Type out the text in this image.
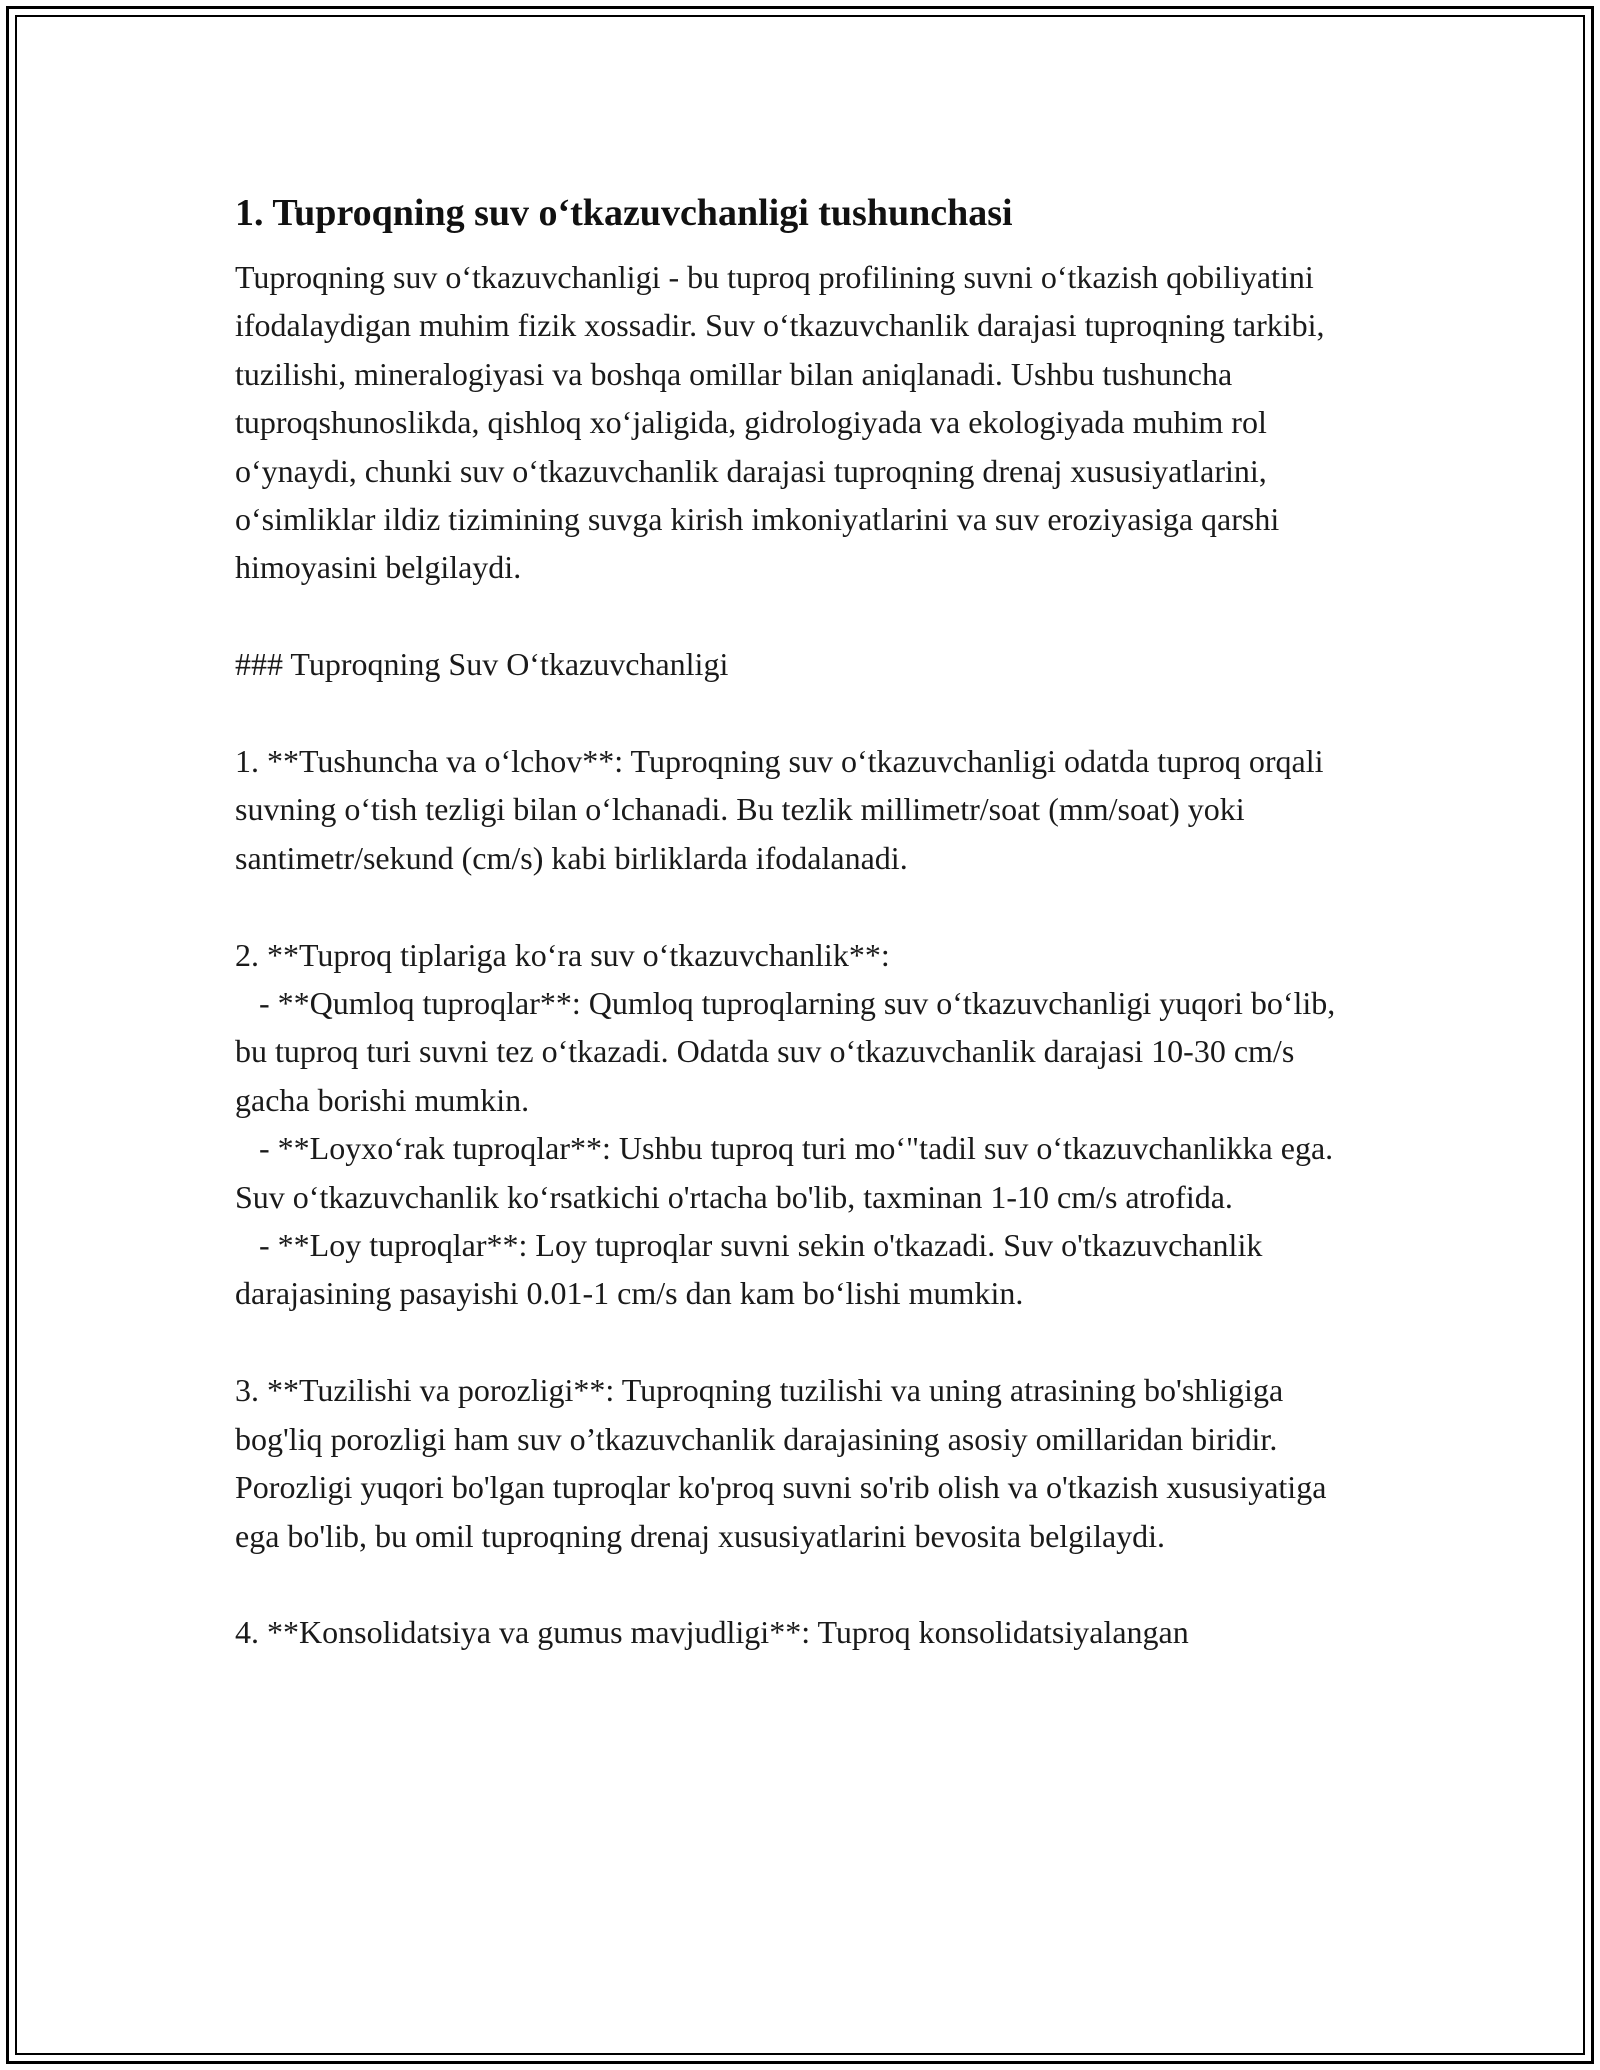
1. Tuproqning suv o‘tkazuvchanligi tushunchasi

Tuproqning suv o‘tkazuvchanligi - bu tuproq profilining suvni o‘tkazish qobiliyatini ifodalaydigan muhim fizik xossadir. Suv o‘tkazuvchanlik darajasi tuproqning tarkibi, tuzilishi, mineralogiyasi va boshqa omillar bilan aniqlanadi. Ushbu tushuncha tuproqshunoslikda, qishloq xo‘jaligida, gidrologiyada va ekologiyada muhim rol o‘ynaydi, chunki suv o‘tkazuvchanlik darajasi tuproqning drenaj xususiyatlarini, o‘simliklar ildiz tizimining suvga kirish imkoniyatlarini va suv eroziyasiga qarshi himoyasini belgilaydi.

### Tuproqning Suv O‘tkazuvchanligi

1. **Tushuncha va o‘lchov**: Tuproqning suv o‘tkazuvchanligi odatda tuproq orqali suvning o‘tish tezligi bilan o‘lchanadi. Bu tezlik millimetr/soat (mm/soat) yoki santimetr/sekund (cm/s) kabi birliklarda ifodalanadi.

2. **Tuproq tiplariga ko‘ra suv o‘tkazuvchanlik**:

- **Qumloq tuproqlar**: Qumloq tuproqlarning suv o‘tkazuvchanligi yuqori bo‘lib, bu tuproq turi suvni tez o‘tkazadi. Odatda suv o‘tkazuvchanlik darajasi 10-30 cm/s gacha borishi mumkin.

- **Loyxo‘rak tuproqlar**: Ushbu tuproq turi mo‘"tadil suv o‘tkazuvchanlikka ega. Suv o‘tkazuvchanlik ko‘rsatkichi o'rtacha bo'lib, taxminan 1-10 cm/s atrofida.

- **Loy tuproqlar**: Loy tuproqlar suvni sekin o'tkazadi. Suv o'tkazuvchanlik darajasining pasayishi 0.01-1 cm/s dan kam bo‘lishi mumkin.

3. **Tuzilishi va porozligi**: Tuproqning tuzilishi va uning atrasining bo'shligiga bog'liq porozligi ham suv o’tkazuvchanlik darajasining asosiy omillaridan biridir. Porozligi yuqori bo'lgan tuproqlar ko'proq suvni so'rib olish va o'tkazish xususiyatiga ega bo'lib, bu omil tuproqning drenaj xususiyatlarini bevosita belgilaydi.

4. **Konsolidatsiya va gumus mavjudligi**: Tuproq konsolidatsiyalangan
